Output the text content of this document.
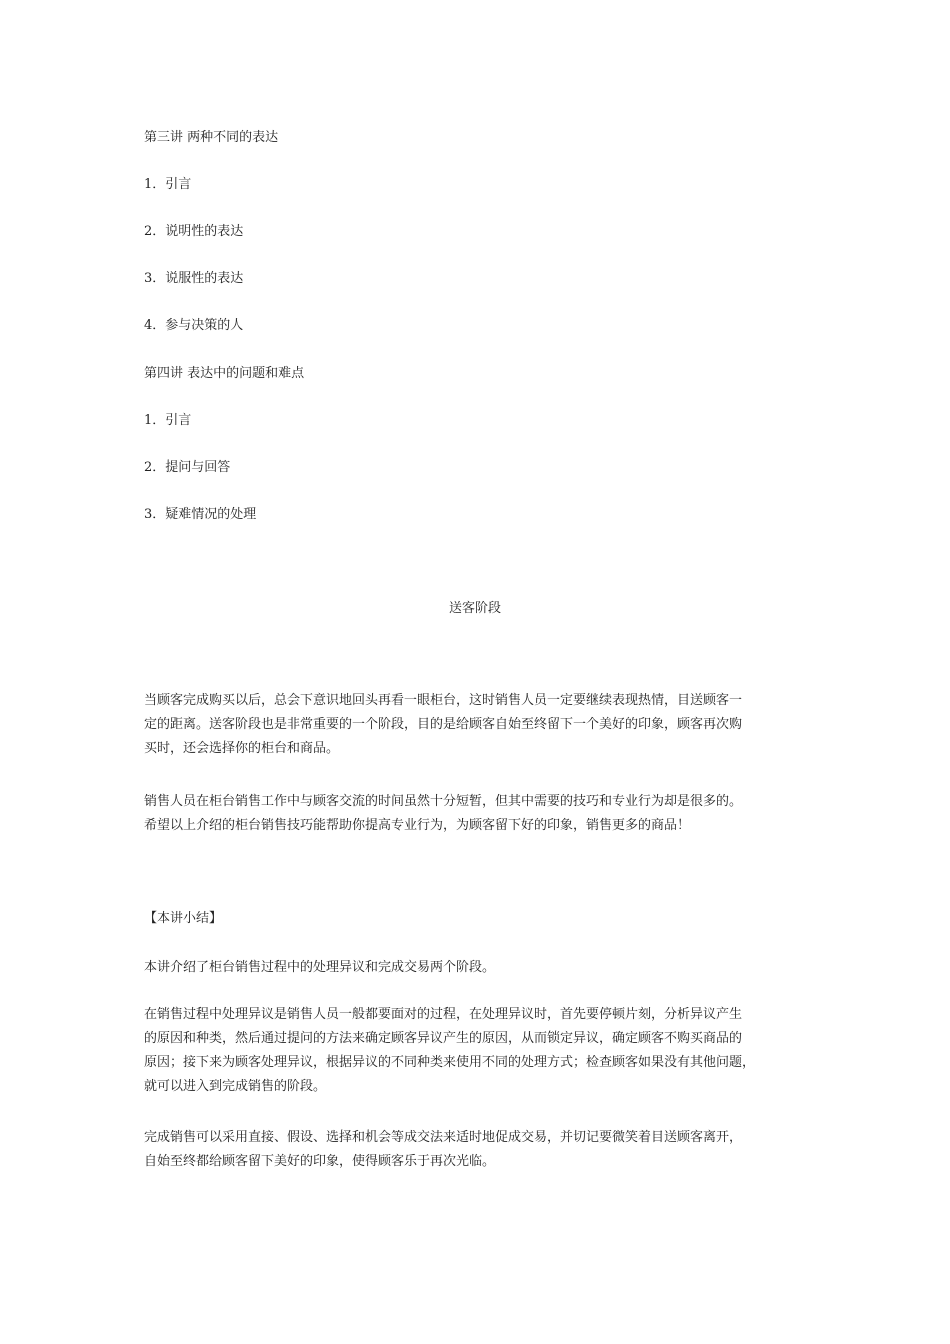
第三讲 两种不同的表达
1．引言
2．说明性的表达
3．说服性的表达
4．参与决策的人
第四讲 表达中的问题和难点
1．引言
2．提问与回答
3．疑难情况的处理
送客阶段
当顾客完成购买以后，总会下意识地回头再看一眼柜台，这时销售人员一定要继续表现热情，目送顾客一
定的距离。送客阶段也是非常重要的一个阶段，目的是给顾客自始至终留下一个美好的印象，顾客再次购
买时，还会选择你的柜台和商品。
销售人员在柜台销售工作中与顾客交流的时间虽然十分短暂，但其中需要的技巧和专业行为却是很多的。
希望以上介绍的柜台销售技巧能帮助你提高专业行为，为顾客留下好的印象，销售更多的商品！
【本讲小结】
本讲介绍了柜台销售过程中的处理异议和完成交易两个阶段。
在销售过程中处理异议是销售人员一般都要面对的过程，在处理异议时，首先要停顿片刻，分析异议产生
的原因和种类，然后通过提问的方法来确定顾客异议产生的原因，从而锁定异议，确定顾客不购买商品的
原因；接下来为顾客处理异议，根据异议的不同种类来使用不同的处理方式；检查顾客如果没有其他问题，
就可以进入到完成销售的阶段。
完成销售可以采用直接、假设、选择和机会等成交法来适时地促成交易，并切记要微笑着目送顾客离开，
自始至终都给顾客留下美好的印象，使得顾客乐于再次光临。
